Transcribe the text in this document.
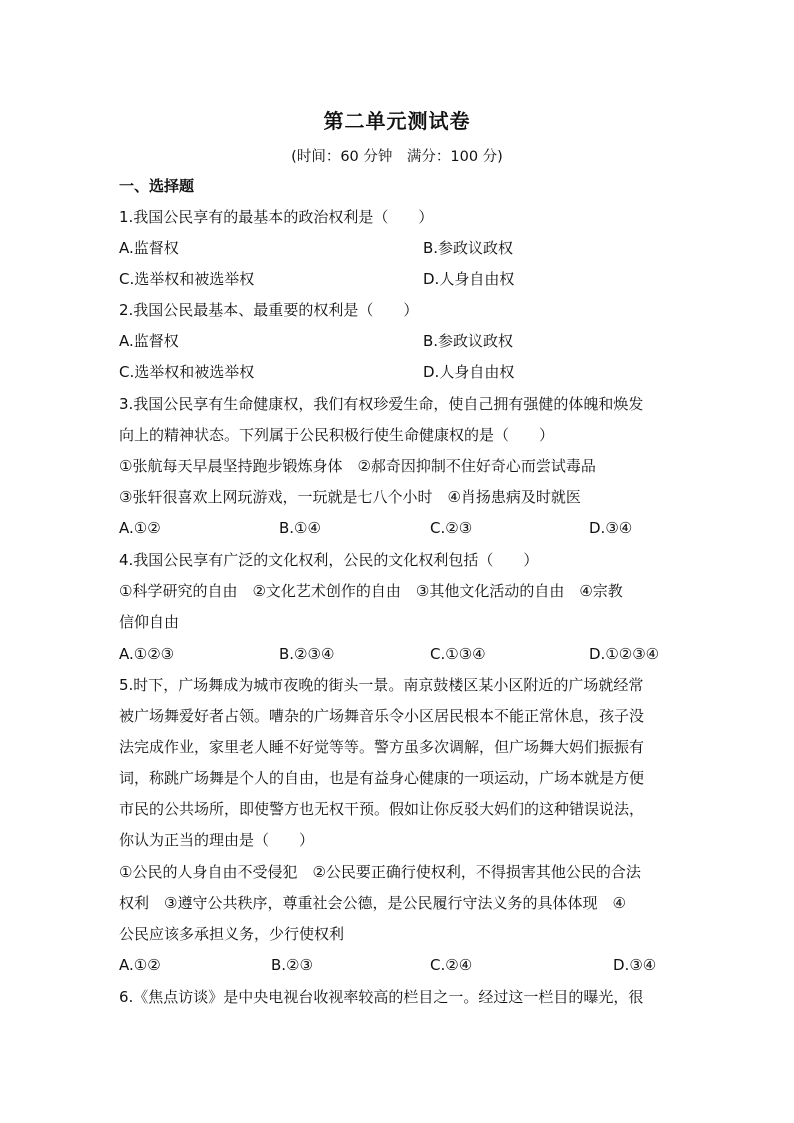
第二单元测试卷
(时间：60 分钟　满分：100 分)
一、选择题
1.我国公民享有的最基本的政治权利是（　　）
A.监督权	B.参政议政权
C.选举权和被选举权	D.人身自由权
2.我国公民最基本、最重要的权利是（　　）
A.监督权	B.参政议政权
C.选举权和被选举权	D.人身自由权
3.我国公民享有生命健康权，我们有权珍爱生命，使自己拥有强健的体魄和焕发
向上的精神状态。下列属于公民积极行使生命健康权的是（　　）
①张航每天早晨坚持跑步锻炼身体　②郝奇因抑制不住好奇心而尝试毒品
③张轩很喜欢上网玩游戏，一玩就是七八个小时　④肖扬患病及时就医
A.①②	B.①④	C.②③	D.③④
4.我国公民享有广泛的文化权利，公民的文化权利包括（　　）
①科学研究的自由　②文化艺术创作的自由　③其他文化活动的自由　④宗教
信仰自由
A.①②③	B.②③④	C.①③④	D.①②③④
5.时下，广场舞成为城市夜晚的街头一景。南京鼓楼区某小区附近的广场就经常
被广场舞爱好者占领。嘈杂的广场舞音乐令小区居民根本不能正常休息，孩子没
法完成作业，家里老人睡不好觉等等。警方虽多次调解，但广场舞大妈们振振有
词，称跳广场舞是个人的自由，也是有益身心健康的一项运动，广场本就是方便
市民的公共场所，即使警方也无权干预。假如让你反驳大妈们的这种错误说法，
你认为正当的理由是（　　）
①公民的人身自由不受侵犯　②公民要正确行使权利，不得损害其他公民的合法
权利　③遵守公共秩序，尊重社会公德，是公民履行守法义务的具体体现　④
公民应该多承担义务，少行使权利
A.①②	B.②③	C.②④	D.③④
6.《焦点访谈》是中央电视台收视率较高的栏目之一。经过这一栏目的曝光，很
